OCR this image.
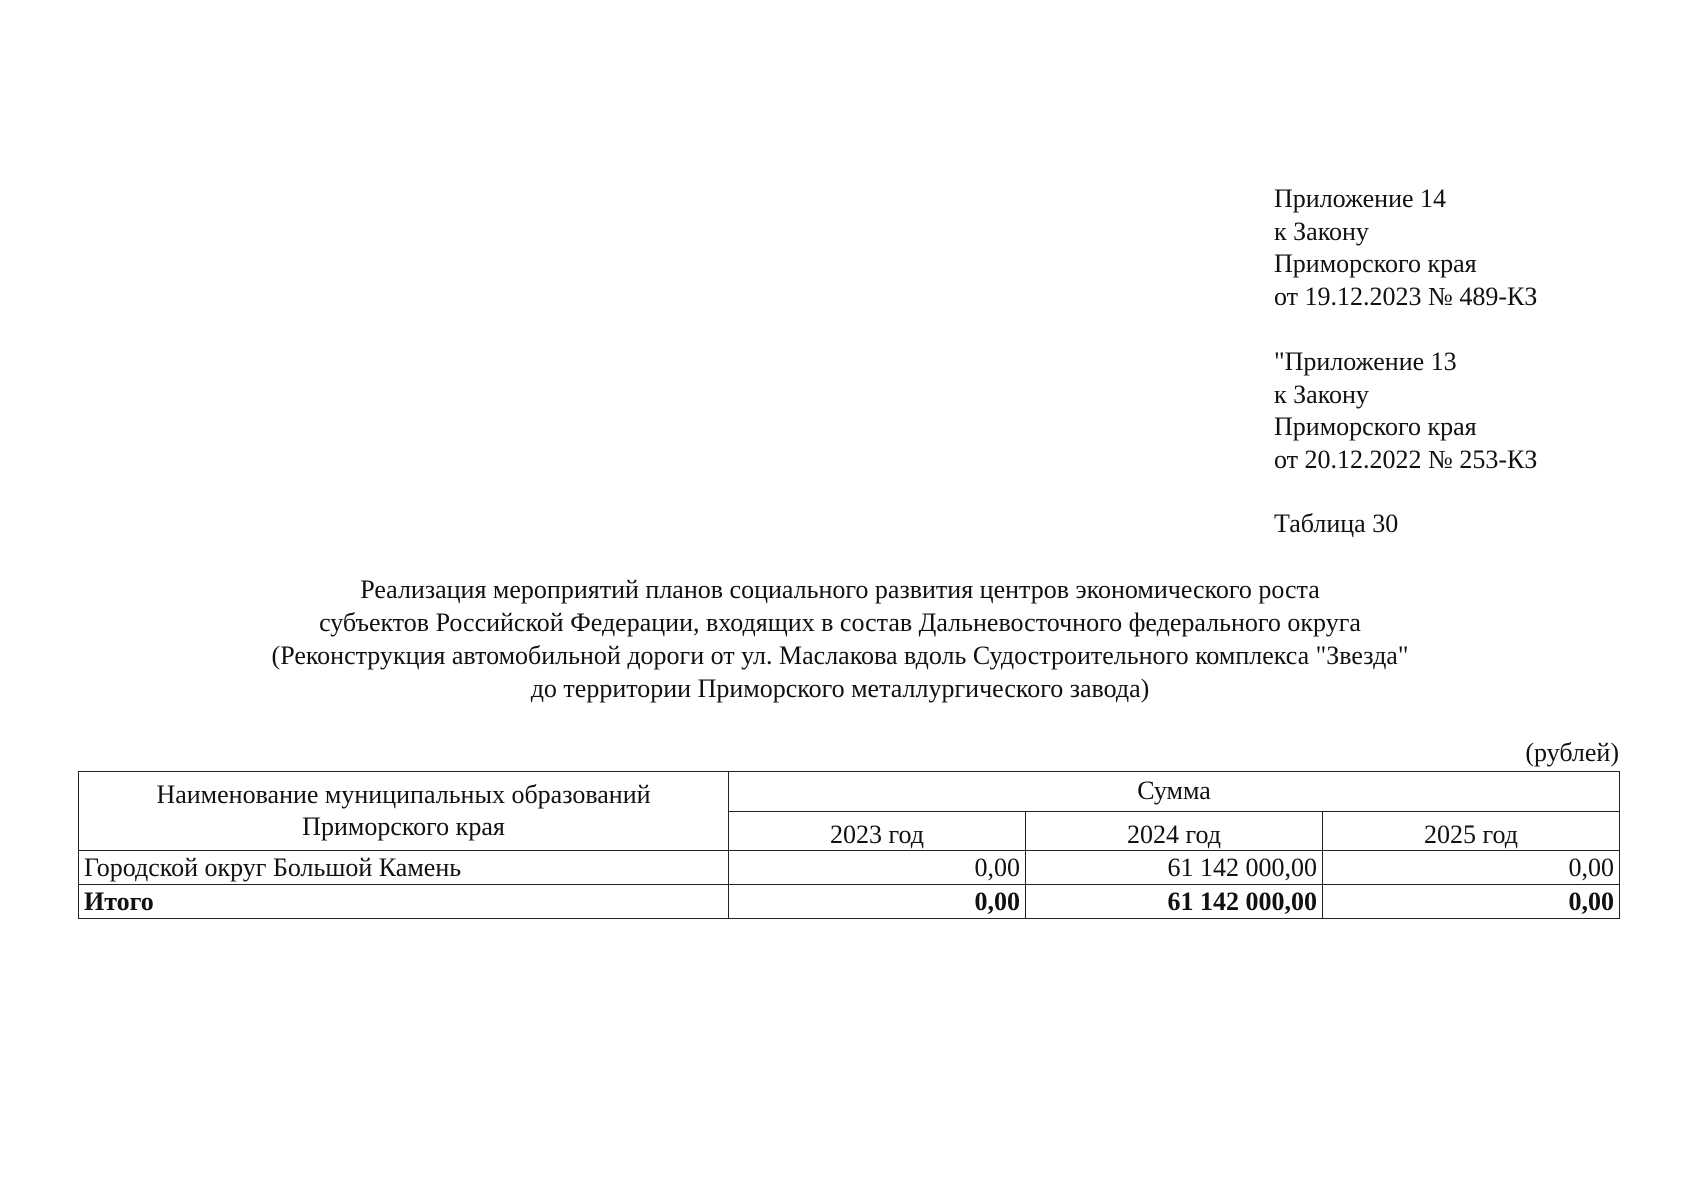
Приложение 14
к Закону
Приморского края
от 19.12.2023 № 489-КЗ
"Приложение 13
к Закону
Приморского края
от 20.12.2022 № 253-КЗ
Таблица 30
Реализация мероприятий планов социального развития центров экономического роста
субъектов Российской Федерации, входящих в состав Дальневосточного федерального округа
(Реконструкция автомобильной дороги от ул. Маслакова вдоль Судостроительного комплекса "Звезда"
до территории Приморского металлургического завода)
(рублей)
Наименование муниципальных образований Приморского края	Сумма		
	2023 год	2024 год	2025 год
Городской округ Большой Камень	0,00	61 142 000,00	0,00
Итого	0,00	61 142 000,00	0,00
